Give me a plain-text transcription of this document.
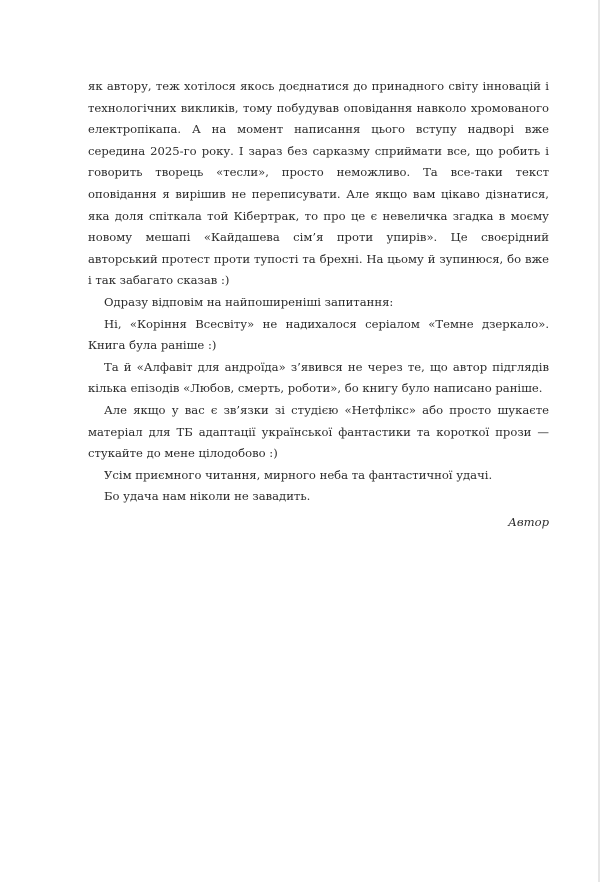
як автору, теж хотілося якось доєднатися до принадного світу інновацій і технологічних викликів, тому побудував оповідання навколо хромованого електропікапа. А на момент написання цього вступу надворі вже середина 2025-го року. І зараз без сарказму сприймати все, що робить і говорить творець «тесли», просто неможливо. Та все-таки текст оповідання я вирішив не переписувати. Але якщо вам цікаво дізнатися, яка доля спіткала той Кібертрак, то про це є невеличка згадка в моєму новому мешапі «Кайдашева сім’я проти упирів». Це своєрідний авторський протест проти тупості та брехні. На цьому й зупинюся, бо вже і так забагато сказав :)

Одразу відповім на найпоширеніші запитання:

Ні, «Коріння Всесвіту» не надихалося серіалом «Темне дзеркало». Книга була раніше :)

Та й «Алфавіт для андроїда» з’явився не через те, що автор підглядів кілька епізодів «Любов, смерть, роботи», бо книгу було написано раніше.

Але якщо у вас є зв’язки зі студією «Нетфлікс» або просто шукаєте матеріал для ТБ адаптації української фантастики та короткої прози — стукайте до мене цілодобово :)

Усім приємного читання, мирного неба та фантастичної удачі.

Бо удача нам ніколи не завадить.

Автор
